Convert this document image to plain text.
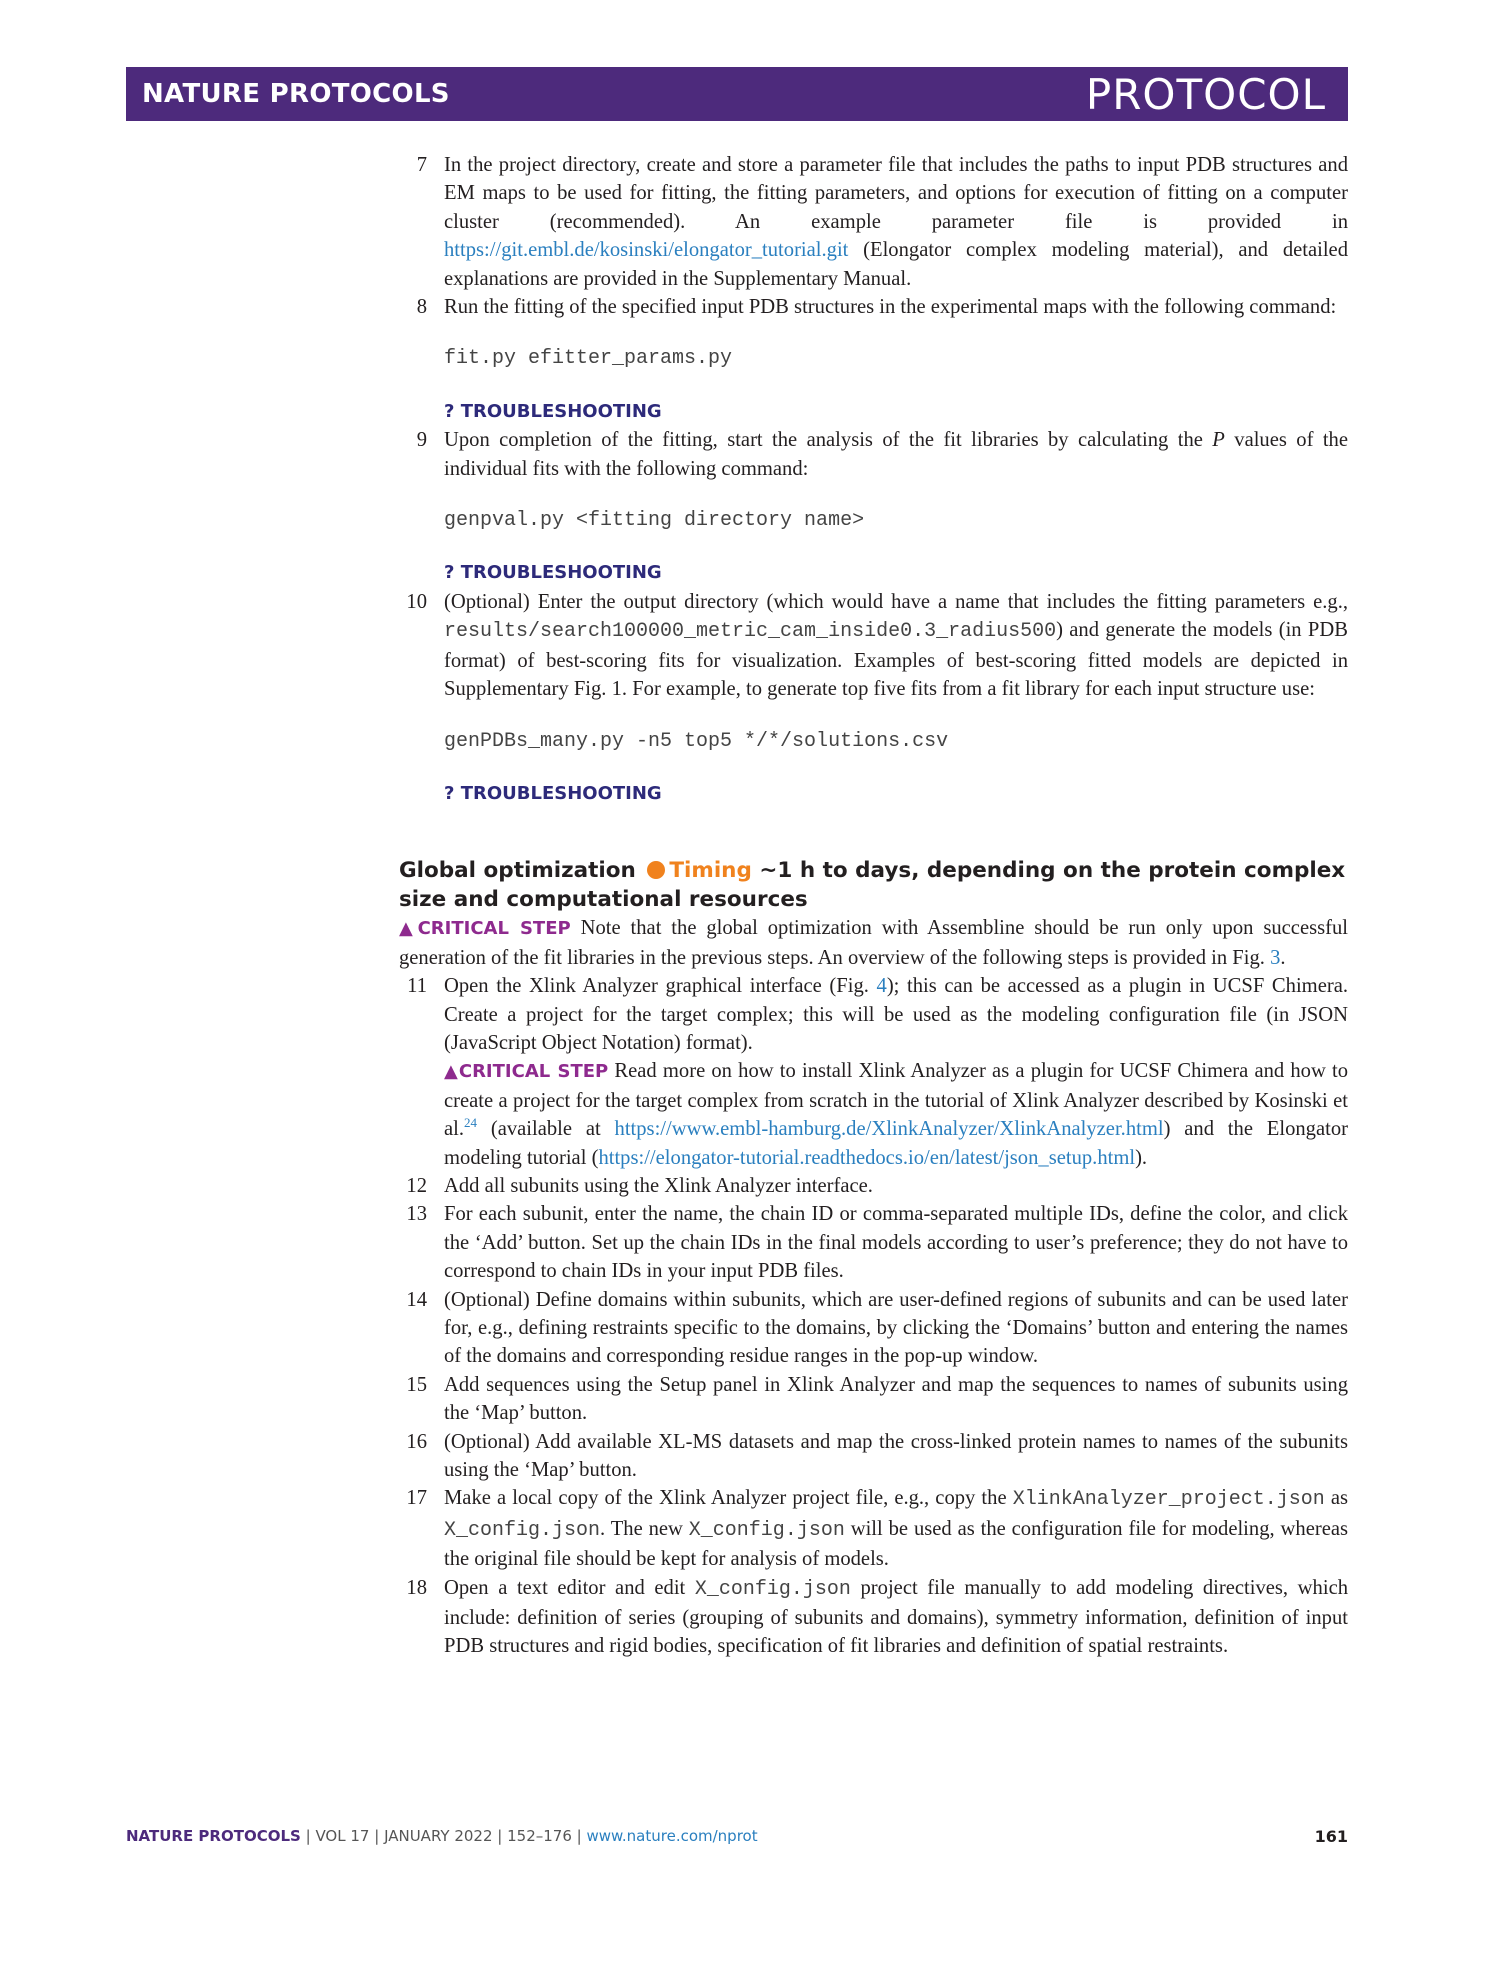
NATURE PROTOCOLS	PROTOCOL
7 In the project directory, create and store a parameter file that includes the paths to input PDB structures and EM maps to be used for fitting, the fitting parameters, and options for execution of fitting on a computer cluster (recommended). An example parameter file is provided in https://git.embl.de/kosinski/elongator_tutorial.git (Elongator complex modeling material), and detailed explanations are provided in the Supplementary Manual.
8 Run the fitting of the specified input PDB structures in the experimental maps with the following command:
fit.py efitter_params.py
? TROUBLESHOOTING
9 Upon completion of the fitting, start the analysis of the fit libraries by calculating the P values of the individual fits with the following command:
genpval.py <fitting directory name>
? TROUBLESHOOTING
10 (Optional) Enter the output directory (which would have a name that includes the fitting parameters e.g., results/search100000_metric_cam_inside0.3_radius500) and generate the models (in PDB format) of best-scoring fits for visualization. Examples of best-scoring fitted models are depicted in Supplementary Fig. 1. For example, to generate top five fits from a fit library for each input structure use:
genPDBs_many.py -n5 top5 */*/solutions.csv
? TROUBLESHOOTING
Global optimization Timing ~1 h to days, depending on the protein complex size and computational resources
▲CRITICAL STEP Note that the global optimization with Assembline should be run only upon successful generation of the fit libraries in the previous steps. An overview of the following steps is provided in Fig. 3.
11 Open the Xlink Analyzer graphical interface (Fig. 4); this can be accessed as a plugin in UCSF Chimera. Create a project for the target complex; this will be used as the modeling configuration file (in JSON (JavaScript Object Notation) format).
▲CRITICAL STEP Read more on how to install Xlink Analyzer as a plugin for UCSF Chimera and how to create a project for the target complex from scratch in the tutorial of Xlink Analyzer described by Kosinski et al.$^{24}$ (available at https://www.embl-hamburg.de/XlinkAnalyzer/XlinkAnalyzer.html) and the Elongator modeling tutorial (https://elongator-tutorial.readthedocs.io/en/latest/json_setup.html).
12 Add all subunits using the Xlink Analyzer interface.
13 For each subunit, enter the name, the chain ID or comma-separated multiple IDs, define the color, and click the ‘Add’ button. Set up the chain IDs in the final models according to user’s preference; they do not have to correspond to chain IDs in your input PDB files.
14 (Optional) Define domains within subunits, which are user-defined regions of subunits and can be used later for, e.g., defining restraints specific to the domains, by clicking the ‘Domains’ button and entering the names of the domains and corresponding residue ranges in the pop-up window.
15 Add sequences using the Setup panel in Xlink Analyzer and map the sequences to names of subunits using the ‘Map’ button.
16 (Optional) Add available XL-MS datasets and map the cross-linked protein names to names of the subunits using the ‘Map’ button.
17 Make a local copy of the Xlink Analyzer project file, e.g., copy the XlinkAnalyzer_project.json as X_config.json. The new X_config.json will be used as the configuration file for modeling, whereas the original file should be kept for analysis of models.
18 Open a text editor and edit X_config.json project file manually to add modeling directives, which include: definition of series (grouping of subunits and domains), symmetry information, definition of input PDB structures and rigid bodies, specification of fit libraries and definition of spatial restraints.
NATURE PROTOCOLS | VOL 17 | JANUARY 2022 | 152–176 | www.nature.com/nprot	161
